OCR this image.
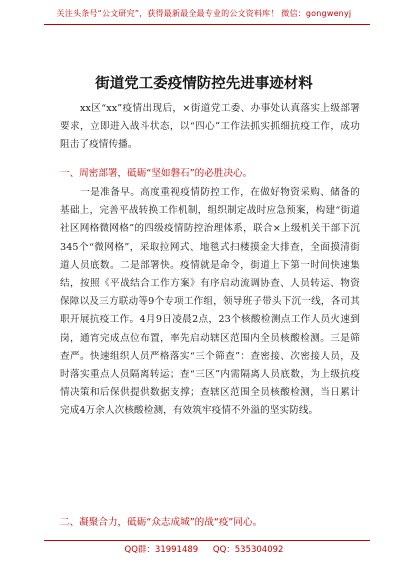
关注头条号“公文研究”，获得最新最全最专业的公文资料库！ 微信：gongwenyj
街道党工委疫情防控先进事迹材料

xx区“xx”疫情出现后，×街道党工委、办事处认真落实上级部署要求，立即进入战斗状态，以“四心”工作法抓实抓细抗疫工作，成功阻击了疫情传播。

一、周密部署，砥砺“坚如磐石”的必胜决心。

一是准备早。高度重视疫情防控工作，在做好物资采购、储备的基础上，完善平战转换工作机制，组织制定战时应急预案，构建“街道社区网格微网格”的四级疫情防控治理体系，联合×上级机关干部下沉345个“微网格”，采取拉网式、地毯式扫楼摸金大排查，全面摸清街道人员底数。二是部署快。疫情就是命令，街道上下第一时间快速集结，按照《平战结合工作方案》有序启动流调协查、人员转运、物资保障以及三方联动等9个专项工作组，领导班子带头下沉一线，各司其职开展抗疫工作。4月9日凌晨2点，23个核酸检测点工作人员火速到岗，通宵完成点位布置，率先启动辖区范围内全员核酸检测。三是筛查严。快速组织人员严格落实“三个筛查”：查密接、次密接人员，及时落实重点人员隔离转运；查“三区”内需隔离人员底数，为上级抗疫情决策和后保供提供数据支撑；查辖区范围全员核酸检测，当日累计完成4万余人次核酸检测，有效筑牢疫情不外溢的坚实防线。

二、凝聚合力，砥砺“众志成城”的战“疫”同心。

QQ群：31991489 QQ：535304092
